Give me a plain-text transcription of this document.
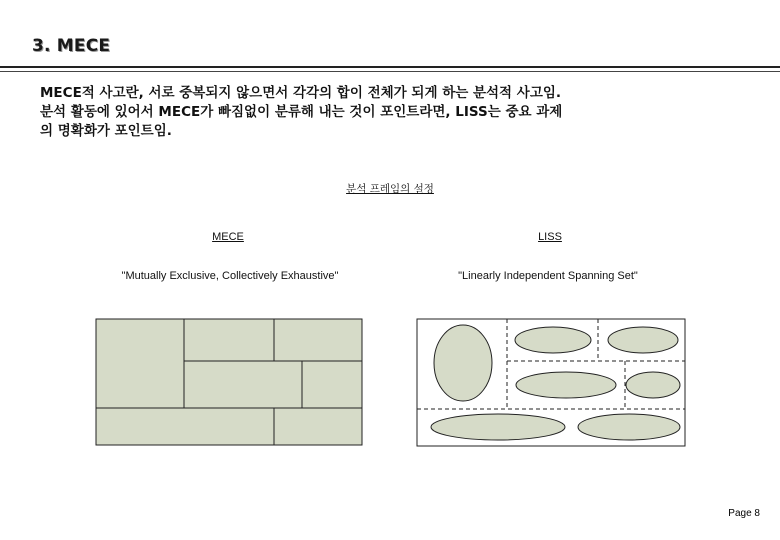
3. MECE
MECE적 사고란, 서로 중복되지 않으면서 각각의 합이 전체가 되게 하는 분석적 사고임.
분석 활동에 있어서 MECE가 빠짐없이 분류해 내는 것이 포인트라면, LISS는 중요 과제
의 명확화가 포인트임.
분석 프레임의 설정
MECE	LISS
"Mutually Exclusive, Collectively Exhaustive"	"Linearly Independent Spanning Set"
Page 8
